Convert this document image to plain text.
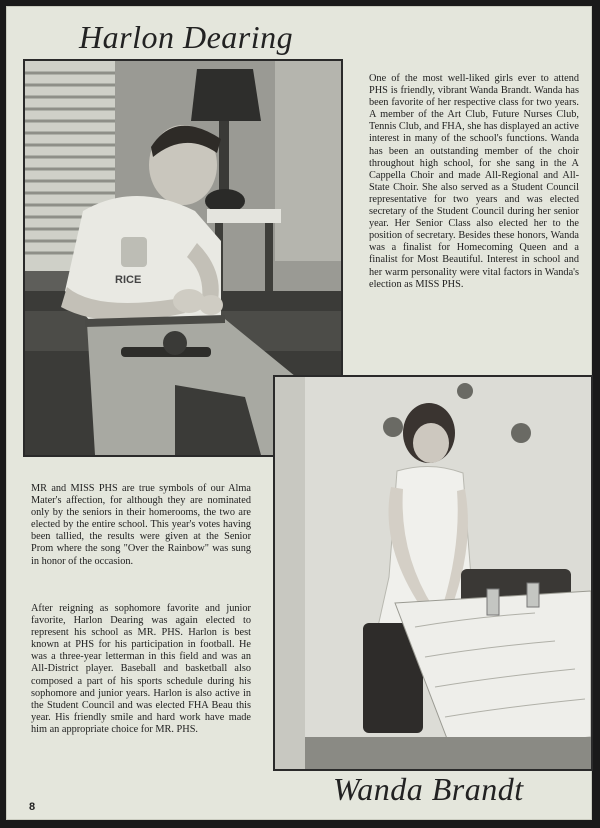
Harlon Dearing
RICE

One of the most well-liked girls ever to attend PHS is friendly, vibrant Wanda Brandt. Wanda has been favorite of her respective class for two years. A member of the Art Club, Future Nurses Club, Tennis Club, and FHA, she has displayed an active interest in many of the school's functions. Wanda has been an outstanding member of the choir throughout high school, for she sang in the A Cappella Choir and made All-Regional and All-State Choir. She also served as a Student Council representative for two years and was elected secretary of the Student Council during her senior year. Her Senior Class also elected her to the position of secretary. Besides these honors, Wanda was a finalist for Homecoming Queen and a finalist for Most Beautiful. Interest in school and her warm personality were vital factors in Wanda's election as MISS PHS.

MR and MISS PHS are true symbols of our Alma Mater's affection, for although they are nominated only by the seniors in their homerooms, the two are elected by the entire school. This year's votes having been tallied, the results were given at the Senior Prom where the song "Over the Rainbow" was sung in honor of the occasion.

After reigning as sophomore favorite and junior favorite, Harlon Dearing was again elected to represent his school as MR. PHS. Harlon is best known at PHS for his participation in football. He was a three-year letterman in this field and was an All-District player. Baseball and basketball also composed a part of his sports schedule during his sophomore and junior years. Harlon is also active in the Student Council and was elected FHA Beau this year. His friendly smile and hard work have made him an appropriate choice for MR. PHS.

Wanda Brandt
8
